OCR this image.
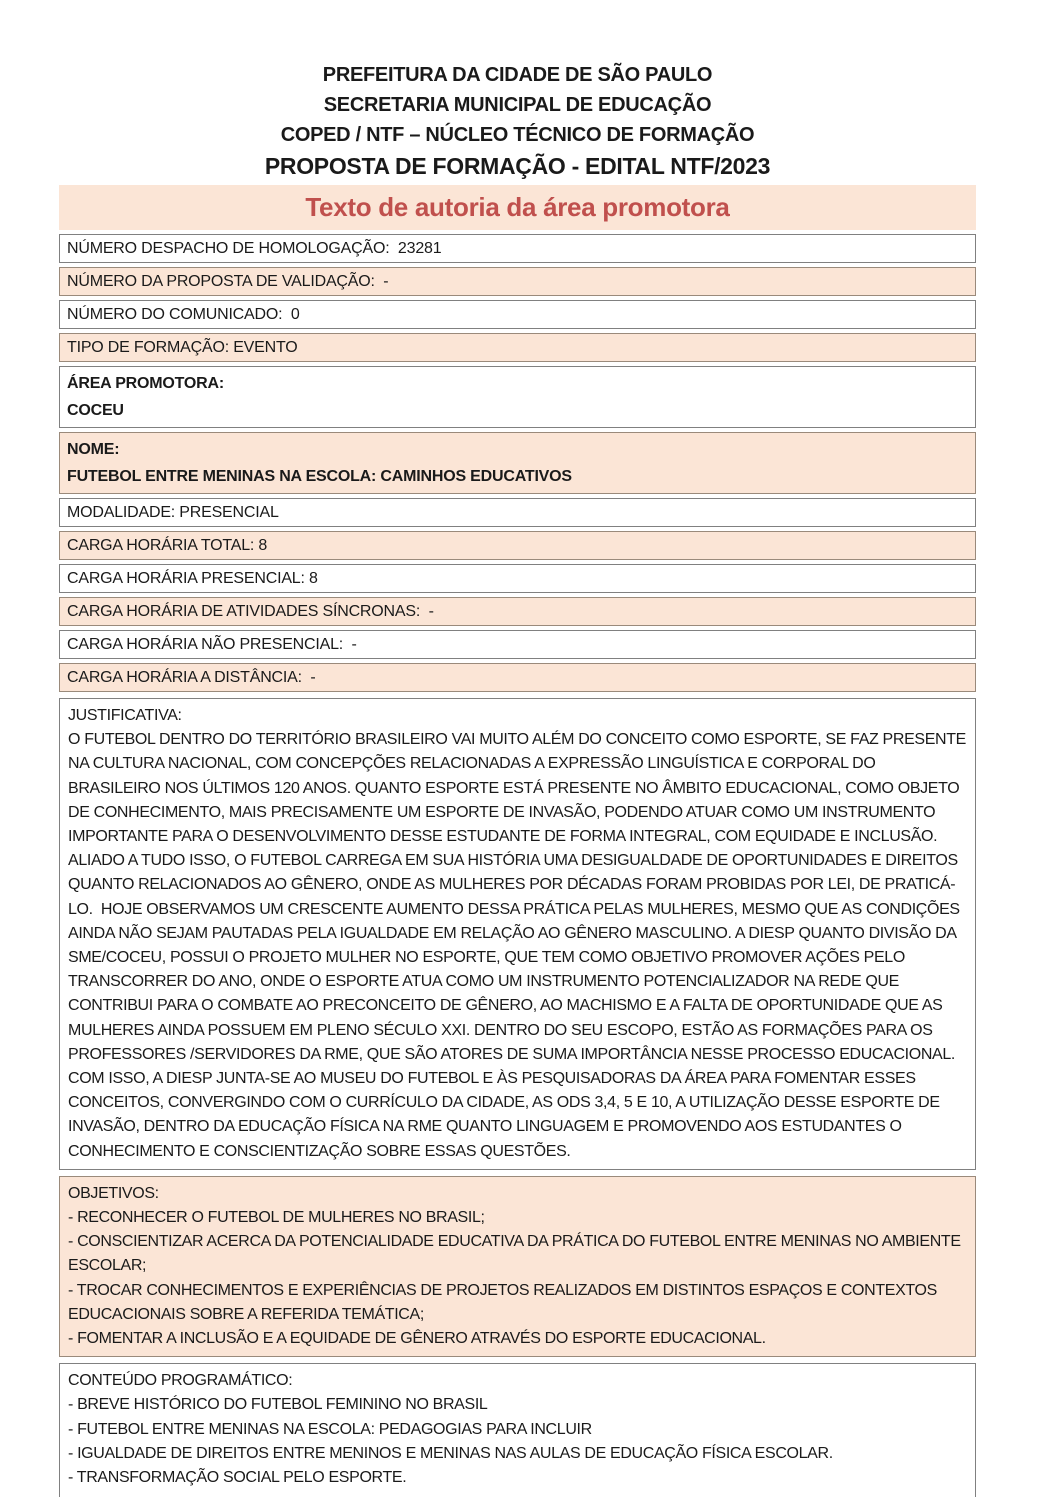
PREFEITURA DA CIDADE DE SÃO PAULO
SECRETARIA MUNICIPAL DE EDUCAÇÃO
COPED / NTF – NÚCLEO TÉCNICO DE FORMAÇÃO
PROPOSTA DE FORMAÇÃO - EDITAL NTF/2023
Texto de autoria da área promotora
NÚMERO DESPACHO DE HOMOLOGAÇÃO:  23281
NÚMERO DA PROPOSTA DE VALIDAÇÃO:  -
NÚMERO DO COMUNICADO:  0
TIPO DE FORMAÇÃO: EVENTO
ÁREA PROMOTORA:
COCEU
NOME:
FUTEBOL ENTRE MENINAS NA ESCOLA: CAMINHOS EDUCATIVOS
MODALIDADE: PRESENCIAL
CARGA HORÁRIA TOTAL: 8
CARGA HORÁRIA PRESENCIAL: 8
CARGA HORÁRIA DE ATIVIDADES SÍNCRONAS:  -
CARGA HORÁRIA NÃO PRESENCIAL:  -
CARGA HORÁRIA A DISTÂNCIA:  -
JUSTIFICATIVA:
O FUTEBOL DENTRO DO TERRITÓRIO BRASILEIRO VAI MUITO ALÉM DO CONCEITO COMO ESPORTE, SE FAZ PRESENTE NA CULTURA NACIONAL, COM CONCEPÇÕES RELACIONADAS A EXPRESSÃO LINGUÍSTICA E CORPORAL DO BRASILEIRO NOS ÚLTIMOS 120 ANOS. QUANTO ESPORTE ESTÁ PRESENTE NO ÂMBITO EDUCACIONAL, COMO OBJETO DE CONHECIMENTO, MAIS PRECISAMENTE UM ESPORTE DE INVASÃO, PODENDO ATUAR COMO UM INSTRUMENTO IMPORTANTE PARA O DESENVOLVIMENTO DESSE ESTUDANTE DE FORMA INTEGRAL, COM EQUIDADE E INCLUSÃO. ALIADO A TUDO ISSO, O FUTEBOL CARREGA EM SUA HISTÓRIA UMA DESIGUALDADE DE OPORTUNIDADES E DIREITOS QUANTO RELACIONADOS AO GÊNERO, ONDE AS MULHERES POR DÉCADAS FORAM PROBIDAS POR LEI, DE PRATICÁ-LO.  HOJE OBSERVAMOS UM CRESCENTE AUMENTO DESSA PRÁTICA PELAS MULHERES, MESMO QUE AS CONDIÇÕES AINDA NÃO SEJAM PAUTADAS PELA IGUALDADE EM RELAÇÃO AO GÊNERO MASCULINO. A DIESP QUANTO DIVISÃO DA SME/COCEU, POSSUI O PROJETO MULHER NO ESPORTE, QUE TEM COMO OBJETIVO PROMOVER AÇÕES PELO TRANSCORRER DO ANO, ONDE O ESPORTE ATUA COMO UM INSTRUMENTO POTENCIALIZADOR NA REDE QUE CONTRIBUI PARA O COMBATE AO PRECONCEITO DE GÊNERO, AO MACHISMO E A FALTA DE OPORTUNIDADE QUE AS MULHERES AINDA POSSUEM EM PLENO SÉCULO XXI. DENTRO DO SEU ESCOPO, ESTÃO AS FORMAÇÕES PARA OS PROFESSORES /SERVIDORES DA RME, QUE SÃO ATORES DE SUMA IMPORTÂNCIA NESSE PROCESSO EDUCACIONAL.  COM ISSO, A DIESP JUNTA-SE AO MUSEU DO FUTEBOL E ÀS PESQUISADORAS DA ÁREA PARA FOMENTAR ESSES CONCEITOS, CONVERGINDO COM O CURRÍCULO DA CIDADE, AS ODS 3,4, 5 E 10, A UTILIZAÇÃO DESSE ESPORTE DE INVASÃO, DENTRO DA EDUCAÇÃO FÍSICA NA RME QUANTO LINGUAGEM E PROMOVENDO AOS ESTUDANTES O CONHECIMENTO E CONSCIENTIZAÇÃO SOBRE ESSAS QUESTÕES.
OBJETIVOS:
- RECONHECER O FUTEBOL DE MULHERES NO BRASIL;
- CONSCIENTIZAR ACERCA DA POTENCIALIDADE EDUCATIVA DA PRÁTICA DO FUTEBOL ENTRE MENINAS NO AMBIENTE ESCOLAR;
- TROCAR CONHECIMENTOS E EXPERIÊNCIAS DE PROJETOS REALIZADOS EM DISTINTOS ESPAÇOS E CONTEXTOS EDUCACIONAIS SOBRE A REFERIDA TEMÁTICA;
- FOMENTAR A INCLUSÃO E A EQUIDADE DE GÊNERO ATRAVÉS DO ESPORTE EDUCACIONAL.
CONTEÚDO PROGRAMÁTICO:
- BREVE HISTÓRICO DO FUTEBOL FEMININO NO BRASIL
- FUTEBOL ENTRE MENINAS NA ESCOLA: PEDAGOGIAS PARA INCLUIR
- IGUALDADE DE DIREITOS ENTRE MENINOS E MENINAS NAS AULAS DE EDUCAÇÃO FÍSICA ESCOLAR.
- TRANSFORMAÇÃO SOCIAL PELO ESPORTE.
